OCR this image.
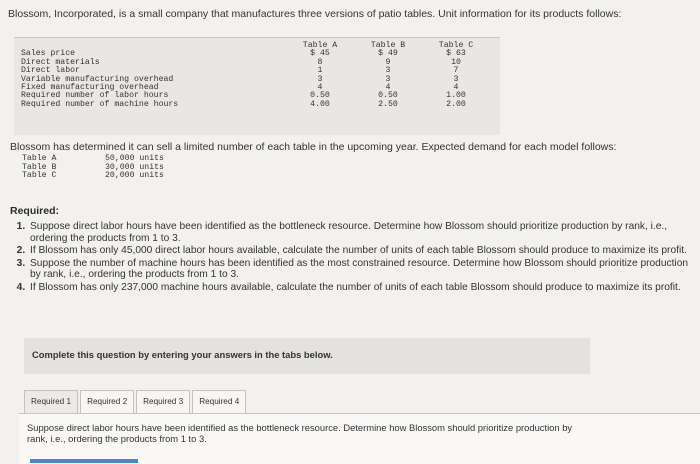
Blossom, Incorporated, is a small company that manufactures three versions of patio tables. Unit information for its products follows:
	Table A	Table B	Table C
Sales price	$ 45	$ 49	$ 63
Direct materials	8	9	10
Direct labor	1	3	7
Variable manufacturing overhead	3	3	3
Fixed manufacturing overhead	4	4	4
Required number of labor hours	0.50	0.50	1.00
Required number of machine hours	4.00	2.50	2.00
Blossom has determined it can sell a limited number of each table in the upcoming year. Expected demand for each model follows:
Table A	50,000 units
Table B	30,000 units
Table C	20,000 units
Required:
1. Suppose direct labor hours have been identified as the bottleneck resource. Determine how Blossom should prioritize production by rank, i.e., ordering the products from 1 to 3.
2. If Blossom has only 45,000 direct labor hours available, calculate the number of units of each table Blossom should produce to maximize its profit.
3. Suppose the number of machine hours has been identified as the most constrained resource. Determine how Blossom should prioritize production by rank, i.e., ordering the products from 1 to 3.
4. If Blossom has only 237,000 machine hours available, calculate the number of units of each table Blossom should produce to maximize its profit.
Complete this question by entering your answers in the tabs below.
Required 1	Required 2	Required 3	Required 4
Suppose direct labor hours have been identified as the bottleneck resource. Determine how Blossom should prioritize production by rank, i.e., ordering the products from 1 to 3.
